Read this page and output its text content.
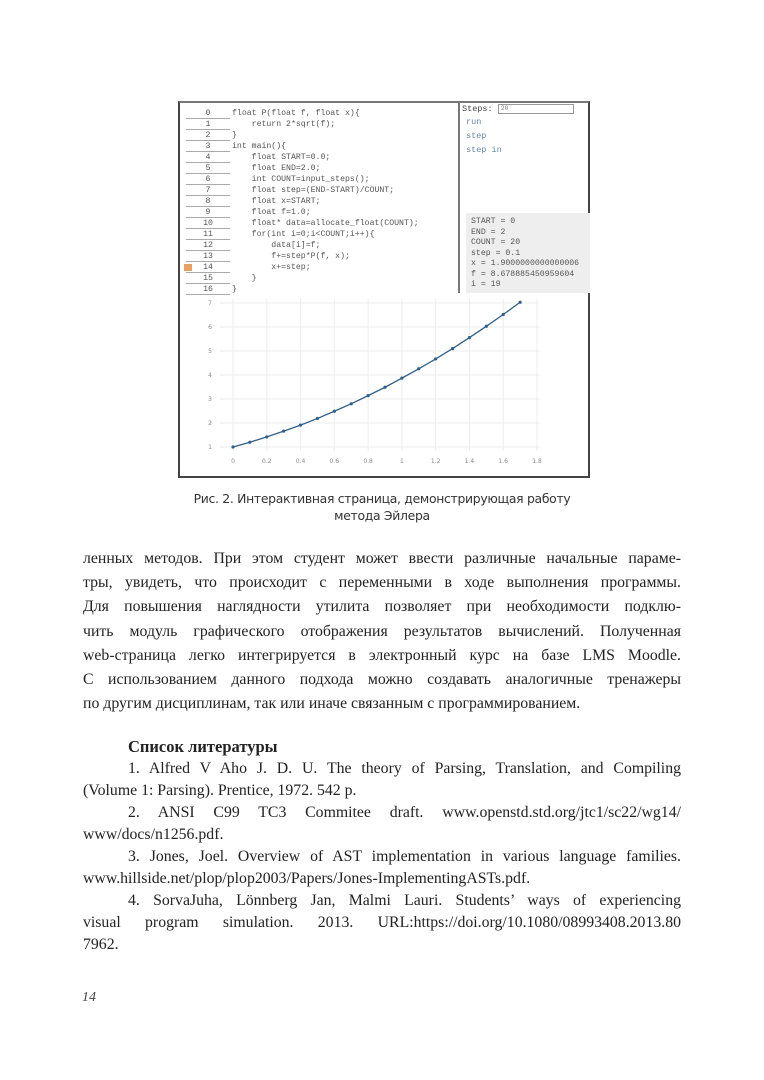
0	float P(float f, float x){
1	return 2*sqrt(f);
2	}
3	int main(){
4	float START=0.0;
5	float END=2.0;
6	int COUNT=input_steps();
7	float step=(END-START)/COUNT;
8	float x=START;
9	float f=1.0;
10	float* data=allocate_float(COUNT);
11	for(int i=0;i<COUNT;i++){
12	data[i]=f;
13	f+=step*P(f, x);
14	x+=step;
15	}
16	}
Steps:	20
run
step
step in
START = 0
END = 2
COUNT = 20
step = 0.1
x = 1.9000000000000006
f = 8.678885450959604
i = 19
0	0.2	0.4	0.6	0.8	1	1.2	1.4	1.6	1.8
1
2
3
4
5
6
7
Рис. 2. Интерактивная страница, демонстрирующая работу
метода Эйлера
ленных методов. При этом студент может ввести различные начальные параме-
тры, увидеть, что происходит с переменными в ходе выполнения программы.
Для повышения наглядности утилита позволяет при необходимости подклю-
чить модуль графического отображения результатов вычислений. Полученная
web-страница легко интегрируется в электронный курс на базе LMS Moodle.
С использованием данного подхода можно создавать аналогичные тренажеры
по другим дисциплинам, так или иначе связанным с программированием.
Список литературы
1. Alfred V Aho J. D. U. The theory of Parsing, Translation, and Compiling
(Volume 1: Parsing). Prentice, 1972. 542 p.
2. ANSI C99 TC3 Commitee draft. www.openstd.std.org/jtc1/sc22/wg14/
www/docs/n1256.pdf.
3. Jones, Joel. Overview of AST implementation in various language families.
www.hillside.net/plop/plop2003/Papers/Jones-ImplementingASTs.pdf.
4. SorvaJuha, Lönnberg Jan, Malmi Lauri. Students’ ways of experiencing
visual program simulation. 2013. URL:https://doi.org/10.1080/08993408.2013.80
7962.
14
